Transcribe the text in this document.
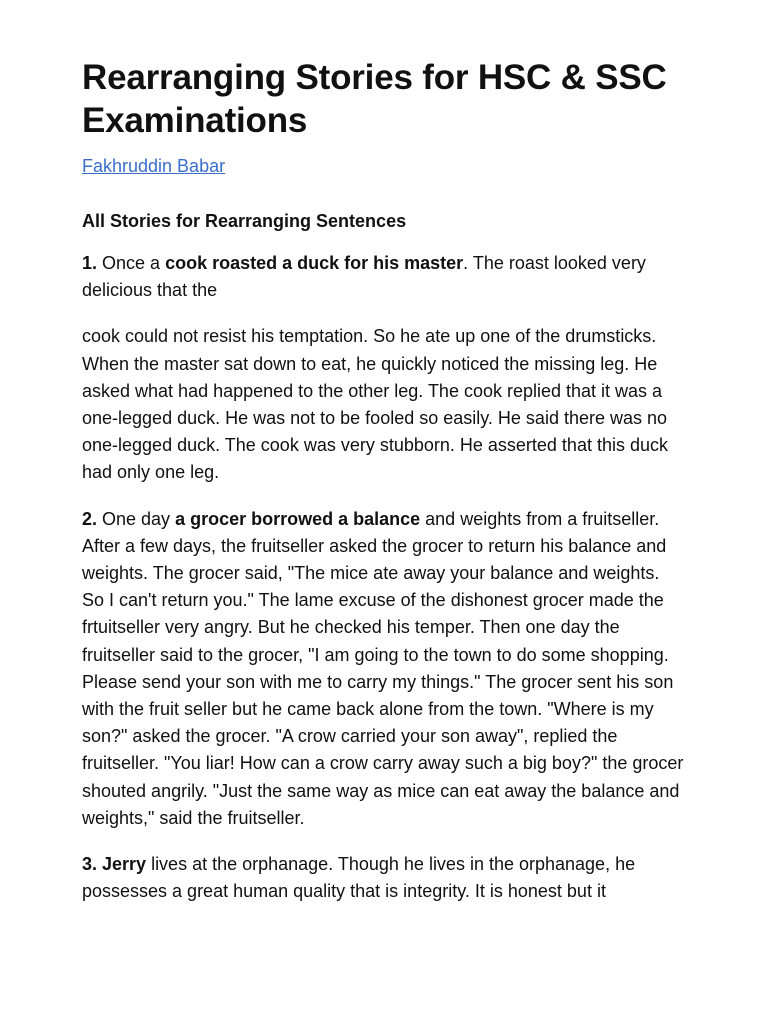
Rearranging Stories for HSC & SSC Examinations
Fakhruddin Babar
All Stories for Rearranging Sentences

1. Once a cook roasted a duck for his master. The roast looked very delicious that the

cook could not resist his temptation. So he ate up one of the drumsticks. When the master sat down to eat, he quickly noticed the missing leg. He asked what had happened to the other leg. The cook replied that it was a one-legged duck. He was not to be fooled so easily. He said there was no one-legged duck. The cook was very stubborn. He asserted that this duck had only one leg.

2. One day a grocer borrowed a balance and weights from a fruitseller. After a few days, the fruitseller asked the grocer to return his balance and weights. The grocer said, "The mice ate away your balance and weights. So I can't return you." The lame excuse of the dishonest grocer made the frtuitseller very angry. But he checked his temper. Then one day the fruitseller said to the grocer, "I am going to the town to do some shopping. Please send your son with me to carry my things." The grocer sent his son with the fruit seller but he came back alone from the town. "Where is my son?" asked the grocer. "A crow carried your son away", replied the fruitseller. "You liar! How can a crow carry away such a big boy?" the grocer shouted angrily. "Just the same way as mice can eat away the balance and weights," said the fruitseller.

3. Jerry lives at the orphanage. Though he lives in the orphanage, he possesses a great human quality that is integrity. It is honest but it
